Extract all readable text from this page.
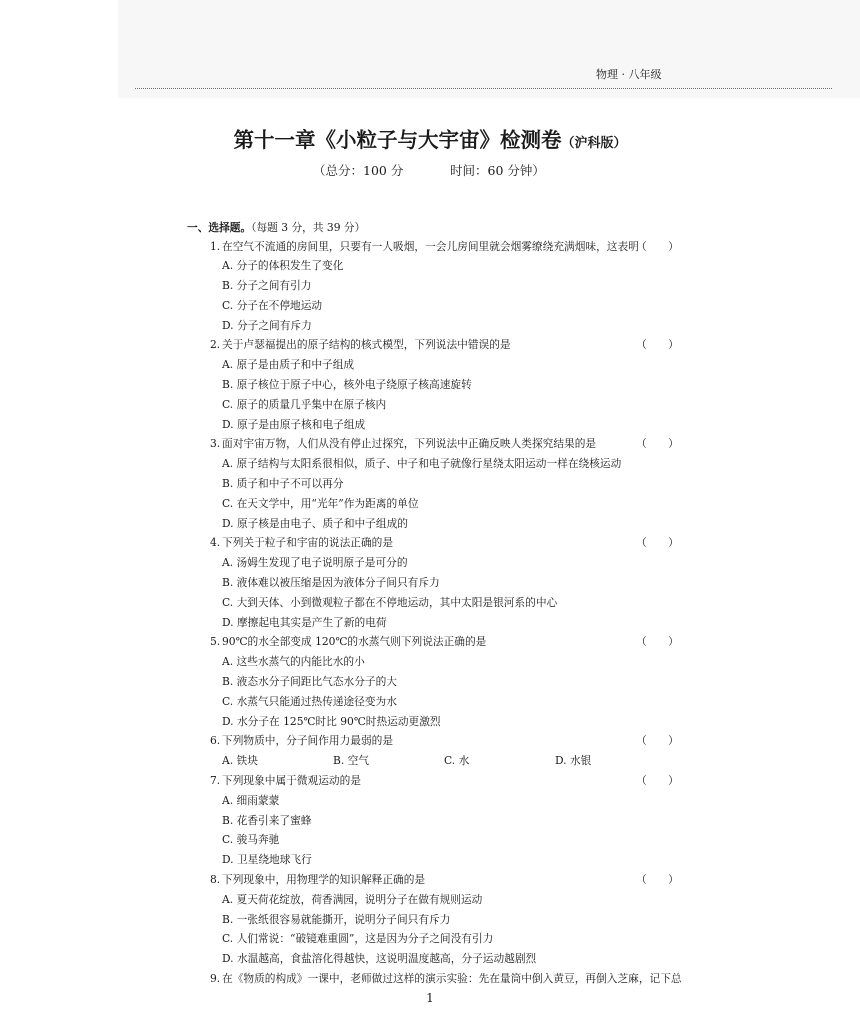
物理 · 八年级
第十一章《小粒子与大宇宙》检测卷（沪科版）
（总分：100 分	时间：60 分钟）
一、选择题。（每题 3 分，共 39 分）
1. 在空气不流通的房间里，只要有一人吸烟，一会儿房间里就会烟雾缭绕充满烟味，这表明
（　　）
A. 分子的体积发生了变化
B. 分子之间有引力
C. 分子在不停地运动
D. 分子之间有斥力
2. 关于卢瑟福提出的原子结构的核式模型，下列说法中错误的是	（　　）
A. 原子是由质子和中子组成
B. 原子核位于原子中心，核外电子绕原子核高速旋转
C. 原子的质量几乎集中在原子核内
D. 原子是由原子核和电子组成
3. 面对宇宙万物，人们从没有停止过探究，下列说法中正确反映人类探究结果的是	（　　）
A. 原子结构与太阳系很相似，质子、中子和电子就像行星绕太阳运动一样在绕核运动
B. 质子和中子不可以再分
C. 在天文学中，用“光年”作为距离的单位
D. 原子核是由电子、质子和中子组成的
4. 下列关于粒子和宇宙的说法正确的是	（　　）
A. 汤姆生发现了电子说明原子是可分的
B. 液体难以被压缩是因为液体分子间只有斥力
C. 大到天体、小到微观粒子都在不停地运动，其中太阳是银河系的中心
D. 摩擦起电其实是产生了新的电荷
5. 90℃的水全部变成 120℃的水蒸气则下列说法正确的是	（　　）
A. 这些水蒸气的内能比水的小
B. 液态水分子间距比气态水分子的大
C. 水蒸气只能通过热传递途径变为水
D. 水分子在 125℃时比 90℃时热运动更激烈
6. 下列物质中，分子间作用力最弱的是	（　　）
A. 铁块	B. 空气	C. 水	D. 水银
7. 下列现象中属于微观运动的是	（　　）
A. 细雨蒙蒙
B. 花香引来了蜜蜂
C. 骏马奔驰
D. 卫星绕地球飞行
8. 下列现象中，用物理学的知识解释正确的是	（　　）
A. 夏天荷花绽放，荷香满园，说明分子在做有规则运动
B. 一张纸很容易就能撕开，说明分子间只有斥力
C. 人们常说：“破镜难重圆”，这是因为分子之间没有引力
D. 水温越高，食盐溶化得越快，这说明温度越高，分子运动越剧烈
9. 在《物质的构成》一课中，老师做过这样的演示实验：先在量筒中倒入黄豆，再倒入芝麻，记下总
1
